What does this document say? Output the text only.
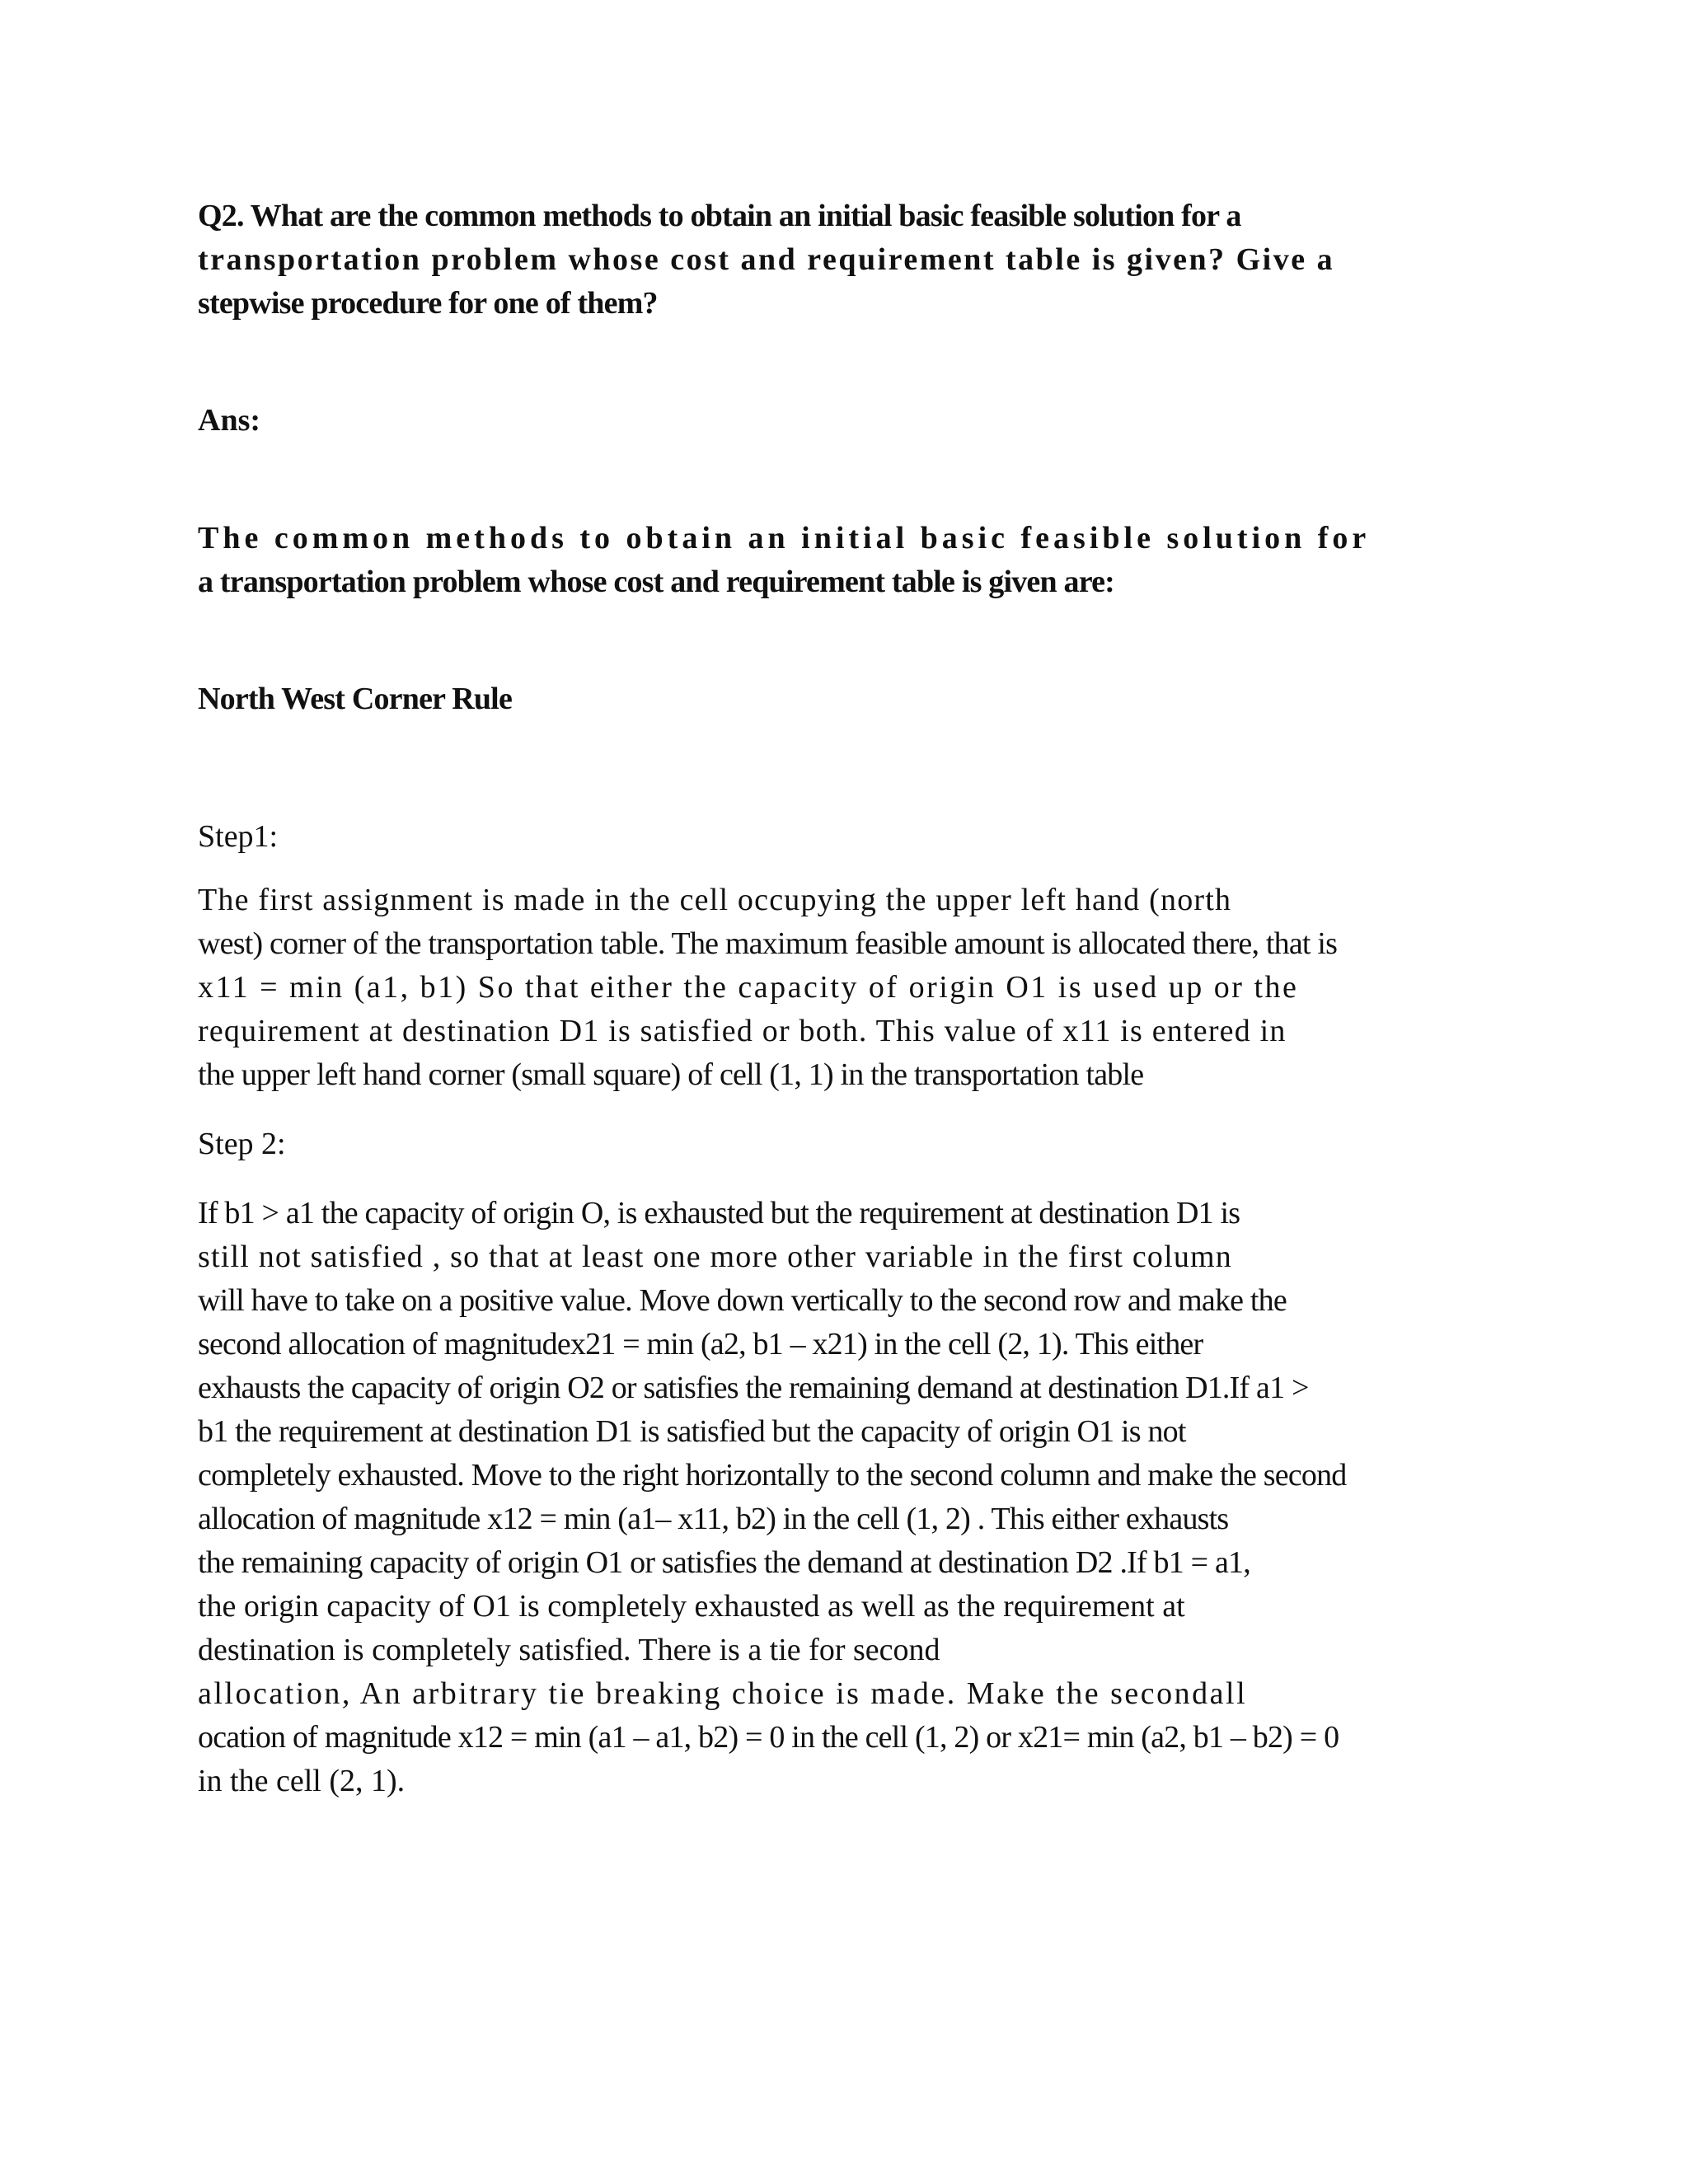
Q2. What are the common methods to obtain an initial basic feasible solution for a
transportation problem whose cost and requirement table is given? Give a
stepwise procedure for one of them?
Ans:
The common methods to obtain an initial basic feasible solution for
a transportation problem whose cost and requirement table is given are:
North West Corner Rule
Step1:
The first assignment is made in the cell occupying the upper left hand (north
west) corner of the transportation table. The maximum feasible amount is allocated there, that is
x11 = min (a1, b1) So that either the capacity of origin O1 is used up or the
requirement at destination D1 is satisfied or both. This value of x11 is entered in
the upper left hand corner (small square) of cell (1, 1) in the transportation table
Step 2:
If b1 > a1 the capacity of origin O, is exhausted but the requirement at destination D1 is
still not satisfied , so that at least one more other variable in the first column
will have to take on a positive value. Move down vertically to the second row and make the
second allocation of magnitudex21 = min (a2, b1 – x21) in the cell (2, 1). This either
exhausts the capacity of origin O2 or satisfies the remaining demand at destination D1.If a1 >
b1 the requirement at destination D1 is satisfied but the capacity of origin O1 is not
completely exhausted. Move to the right horizontally to the second column and make the second
allocation of magnitude x12 = min (a1– x11, b2) in the cell (1, 2) . This either exhausts
the remaining capacity of origin O1 or satisfies the demand at destination D2 .If b1 = a1,
the origin capacity of O1 is completely exhausted as well as the requirement at
destination is completely satisfied. There is a tie for second
allocation, An arbitrary tie breaking choice is made. Make the secondall
ocation of magnitude x12 = min (a1 – a1, b2) = 0 in the cell (1, 2) or x21= min (a2, b1 – b2) = 0
in the cell (2, 1).
